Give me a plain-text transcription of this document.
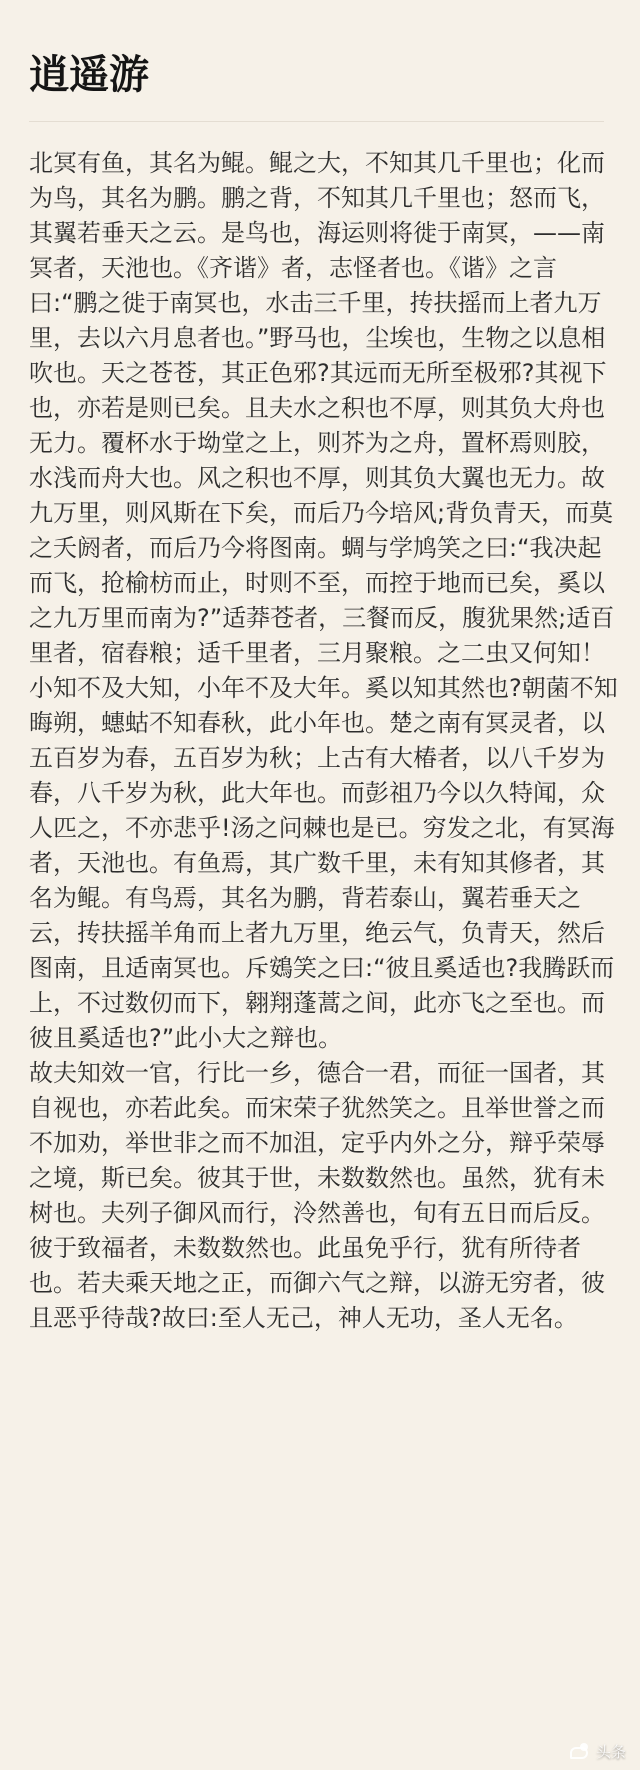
逍遥游

北冥有鱼，其名为鲲。鲲之大，不知其几千里也；化而为鸟，其名为鹏。鹏之背，不知其几千里也；怒而飞，其翼若垂天之云。是鸟也，海运则将徙于南冥，——南冥者，天池也。《齐谐》者，志怪者也。《谐》之言曰:“鹏之徙于南冥也，水击三千里，抟扶摇而上者九万里，去以六月息者也。”野马也，尘埃也，生物之以息相吹也。天之苍苍，其正色邪?其远而无所至极邪?其视下也，亦若是则已矣。且夫水之积也不厚，则其负大舟也无力。覆杯水于坳堂之上，则芥为之舟，置杯焉则胶，水浅而舟大也。风之积也不厚，则其负大翼也无力。故九万里，则风斯在下矣，而后乃今培风;背负青天，而莫之夭阏者，而后乃今将图南。蜩与学鸠笑之曰:“我决起而飞，抢榆枋而止，时则不至，而控于地而已矣，奚以之九万里而南为?”适莽苍者，三餐而反，腹犹果然;适百里者，宿舂粮；适千里者，三月聚粮。之二虫又何知！

小知不及大知，小年不及大年。奚以知其然也?朝菌不知晦朔，蟪蛄不知春秋，此小年也。楚之南有冥灵者，以五百岁为春，五百岁为秋；上古有大椿者，以八千岁为春，八千岁为秋，此大年也。而彭祖乃今以久特闻，众人匹之，不亦悲乎!汤之问棘也是已。穷发之北，有冥海者，天池也。有鱼焉，其广数千里，未有知其修者，其名为鲲。有鸟焉，其名为鹏，背若泰山，翼若垂天之云，抟扶摇羊角而上者九万里，绝云气，负青天，然后图南，且适南冥也。斥鴳笑之曰:“彼且奚适也?我腾跃而上，不过数仞而下，翱翔蓬蒿之间，此亦飞之至也。而彼且奚适也?”此小大之辩也。

故夫知效一官，行比一乡，德合一君，而征一国者，其自视也，亦若此矣。而宋荣子犹然笑之。且举世誉之而不加劝，举世非之而不加沮，定乎内外之分，辩乎荣辱之境，斯已矣。彼其于世，未数数然也。虽然，犹有未树也。夫列子御风而行，泠然善也，旬有五日而后反。彼于致福者，未数数然也。此虽免乎行，犹有所待者也。若夫乘天地之正，而御六气之辩，以游无穷者，彼且恶乎待哉?故曰:至人无己，神人无功，圣人无名。

头条
